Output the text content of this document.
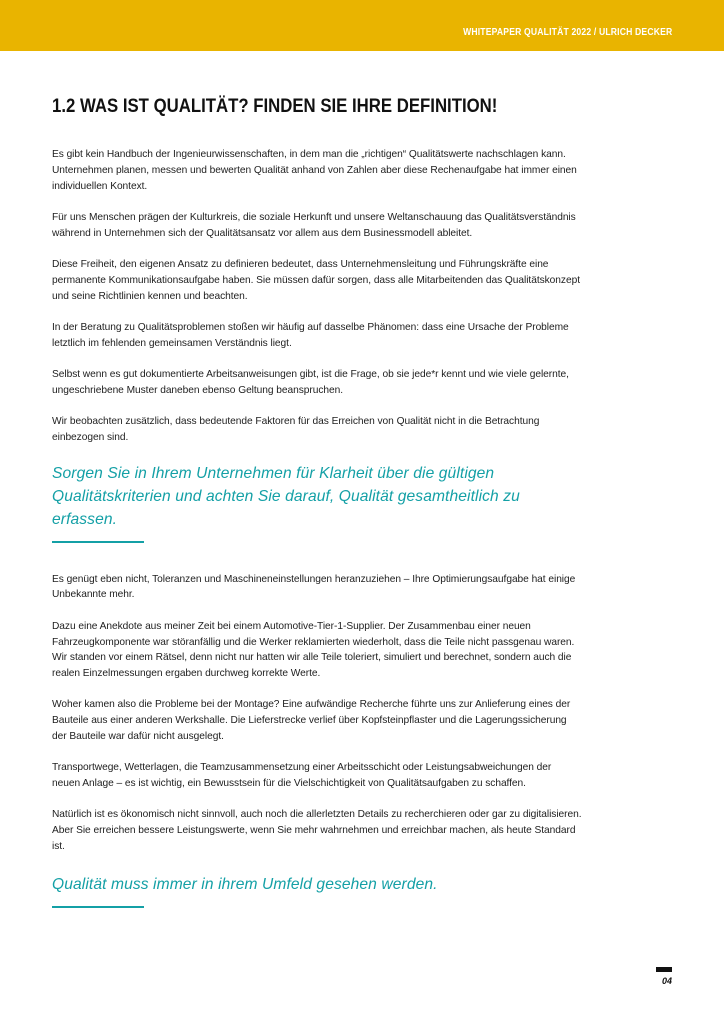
WHITEPAPER QUALITÄT 2022 / ULRICH DECKER
1.2 WAS IST QUALITÄT? FINDEN SIE IHRE DEFINITION!

Es gibt kein Handbuch der Ingenieurwissenschaften, in dem man die „richtigen“ Qualitätswerte nachschlagen kann. Unternehmen planen, messen und bewerten Qualität anhand von Zahlen aber diese Rechenaufgabe hat immer einen individuellen Kontext.

Für uns Menschen prägen der Kulturkreis, die soziale Herkunft und unsere Weltanschauung das Qualitätsverständnis während in Unternehmen sich der Qualitätsansatz vor allem aus dem Businessmodell ableitet.

Diese Freiheit, den eigenen Ansatz zu definieren bedeutet, dass Unternehmensleitung und Führungskräfte eine permanente Kommunikationsaufgabe haben. Sie müssen dafür sorgen, dass alle Mitarbeitenden das Qualitätskonzept und seine Richtlinien kennen und beachten.

In der Beratung zu Qualitätsproblemen stoßen wir häufig auf dasselbe Phänomen: dass eine Ursache der Probleme letztlich im fehlenden gemeinsamen Verständnis liegt.

Selbst wenn es gut dokumentierte Arbeitsanweisungen gibt, ist die Frage, ob sie jede*r kennt und wie viele gelernte, ungeschriebene Muster daneben ebenso Geltung beanspruchen.

Wir beobachten zusätzlich, dass bedeutende Faktoren für das Erreichen von Qualität nicht in die Betrachtung einbezogen sind.

Sorgen Sie in Ihrem Unternehmen für Klarheit über die gültigen Qualitätskriterien und achten Sie darauf, Qualität gesamtheitlich zu erfassen.

Es genügt eben nicht, Toleranzen und Maschineneinstellungen heranzuziehen – Ihre Optimierungsaufgabe hat einige Unbekannte mehr.

Dazu eine Anekdote aus meiner Zeit bei einem Automotive-Tier-1-Supplier. Der Zusammenbau einer neuen Fahrzeugkomponente war störanfällig und die Werker reklamierten wiederholt, dass die Teile nicht passgenau waren. Wir standen vor einem Rätsel, denn nicht nur hatten wir alle Teile toleriert, simuliert und berechnet, sondern auch die realen Einzelmessungen ergaben durchweg korrekte Werte.

Woher kamen also die Probleme bei der Montage? Eine aufwändige Recherche führte uns zur Anlieferung eines der Bauteile aus einer anderen Werkshalle. Die Lieferstrecke verlief über Kopfsteinpflaster und die Lagerungssicherung der Bauteile war dafür nicht ausgelegt.

Transportwege, Wetterlagen, die Teamzusammensetzung einer Arbeitsschicht oder Leistungsabweichungen der neuen Anlage – es ist wichtig, ein Bewusstsein für die Vielschichtigkeit von Qualitätsaufgaben zu schaffen.

Natürlich ist es ökonomisch nicht sinnvoll, auch noch die allerletzten Details zu recherchieren oder gar zu digitalisieren. Aber Sie erreichen bessere Leistungswerte, wenn Sie mehr wahrnehmen und erreichbar machen, als heute Standard ist.

Qualität muss immer in ihrem Umfeld gesehen werden.

04
